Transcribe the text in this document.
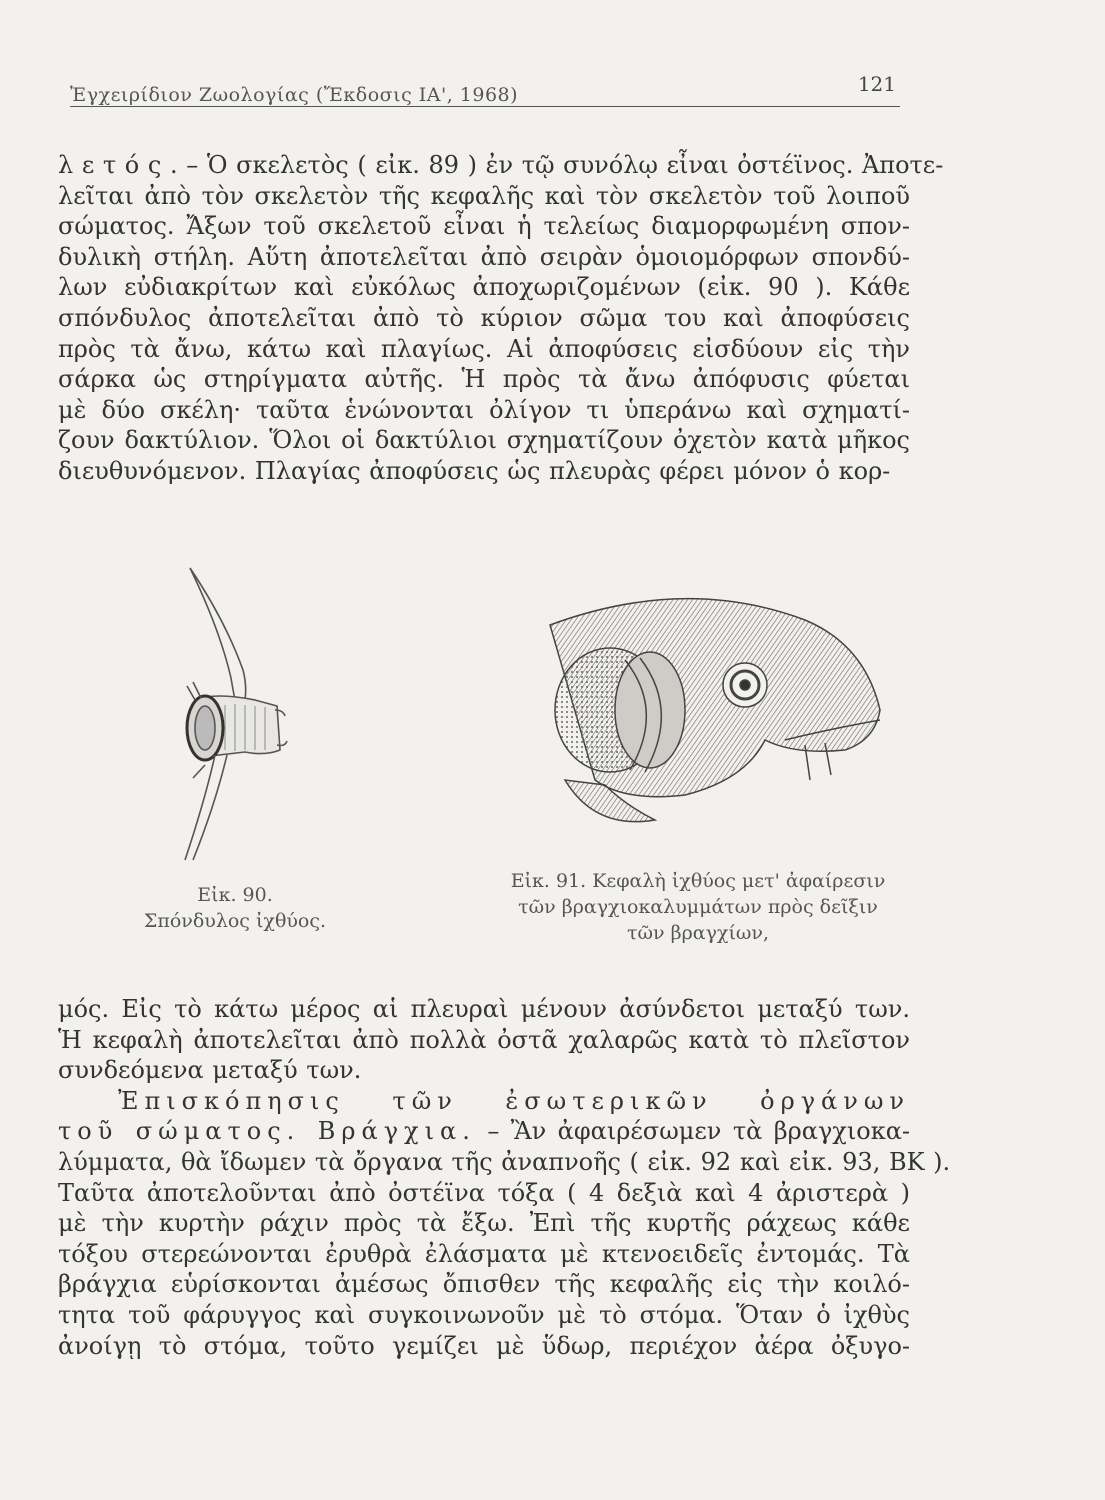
Ἐγχειρίδιον Ζωολογίας (Ἔκδοσις ΙΑ', 1968)	121
λ ε τ ό ς . – Ὁ σκελετὸς ( εἰκ. 89 ) ἐν τῷ συνόλῳ εἶναι ὀστέϊνος. Ἀποτε-
λεῖται ἀπὸ τὸν σκελετὸν τῆς κεφαλῆς καὶ τὸν σκελετὸν τοῦ λοιποῦ
σώματος. Ἄξων τοῦ σκελετοῦ εἶναι ἡ τελείως διαμορφωμένη σπον-
δυλικὴ στήλη. Αὕτη ἀποτελεῖται ἀπὸ σειρὰν ὁμοιομόρφων σπονδύ-
λων εὐδιακρίτων καὶ εὐκόλως ἀποχωριζομένων (εἰκ. 90 ). Κάθε
σπόνδυλος ἀποτελεῖται ἀπὸ τὸ κύριον σῶμα του καὶ ἀποφύσεις
πρὸς τὰ ἄνω, κάτω καὶ πλαγίως. Αἱ ἀποφύσεις εἰσδύουν εἰς τὴν
σάρκα ὡς στηρίγματα αὐτῆς. Ἡ πρὸς τὰ ἄνω ἀπόφυσις φύεται
μὲ δύο σκέλη· ταῦτα ἑνώνονται ὀλίγον τι ὑπεράνω καὶ σχηματί-
ζουν δακτύλιον. Ὅλοι οἱ δακτύλιοι σχηματίζουν ὀχετὸν κατὰ μῆκος
διευθυνόμενον. Πλαγίας ἀποφύσεις ὡς πλευρὰς φέρει μόνον ὁ κορ-
Εἰκ. 90.
Σπόνδυλος ἰχθύος.
Εἰκ. 91. Κεφαλὴ ἰχθύος μετ' ἀφαίρεσιν
τῶν βραγχιοκαλυμμάτων πρὸς δεῖξιν
τῶν βραγχίων,
μός. Εἰς τὸ κάτω μέρος αἱ πλευραὶ μένουν ἀσύνδετοι μεταξύ των.
Ἡ κεφαλὴ ἀποτελεῖται ἀπὸ πολλὰ ὀστᾶ χαλαρῶς κατὰ τὸ πλεῖστον
συνδεόμενα μεταξύ των.
Ἐπισκόπησις τῶν ἐσωτερικῶν ὀργάνων
τοῦ σώματος. Βράγχια. – Ἂν ἀφαιρέσωμεν τὰ βραγχιοκα-
λύμματα, θὰ ἴδωμεν τὰ ὄργανα τῆς ἀναπνοῆς ( εἰκ. 92 καὶ εἰκ. 93, ΒΚ ).
Ταῦτα ἀποτελοῦνται ἀπὸ ὀστέϊνα τόξα ( 4 δεξιὰ καὶ 4 ἀριστερὰ )
μὲ τὴν κυρτὴν ράχιν πρὸς τὰ ἔξω. Ἐπὶ τῆς κυρτῆς ράχεως κάθε
τόξου στερεώνονται ἐρυθρὰ ἐλάσματα μὲ κτενοειδεῖς ἐντομάς. Τὰ
βράγχια εὑρίσκονται ἀμέσως ὄπισθεν τῆς κεφαλῆς εἰς τὴν κοιλό-
τητα τοῦ φάρυγγος καὶ συγκοινωνοῦν μὲ τὸ στόμα. Ὅταν ὁ ἰχθὺς
ἀνοίγῃ τὸ στόμα, τοῦτο γεμίζει μὲ ὕδωρ, περιέχον ἀέρα ὀξυγο-
